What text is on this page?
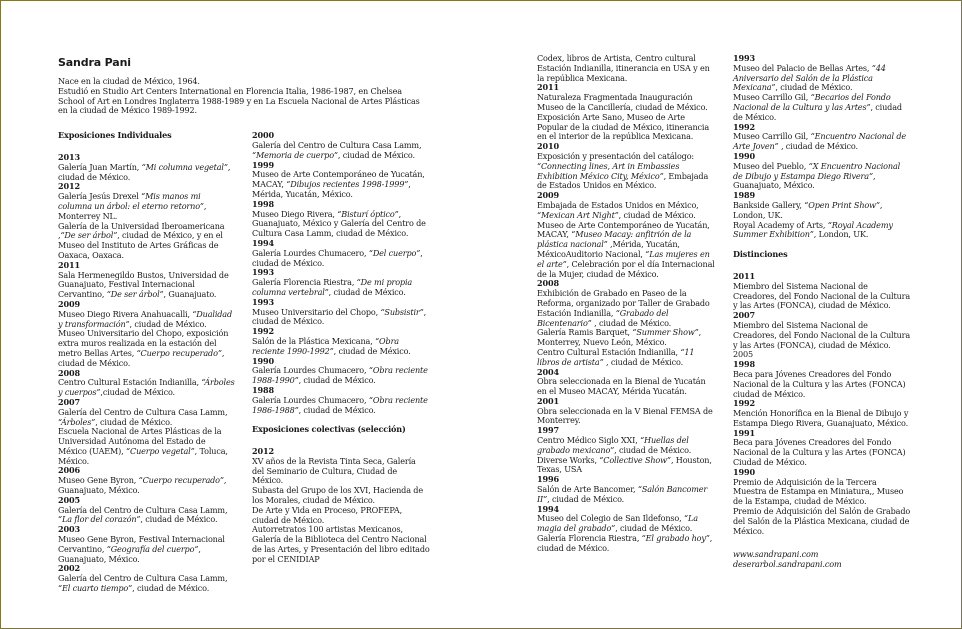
Sandra Pani
Nace en la ciudad de México, 1964.
Estudió en Studio Art Centers International en Florencia Italia, 1986-1987, en Chelsea School of Art en Londres Inglaterra 1988-1989 y en La Escuela Nacional de Artes Plásticas en la ciudad de México 1989-1992.
Exposiciones Individuales
2013
Galería Juan Martín, “Mi columna vegetal”, ciudad de México.
2012
Galería Jesús Drexel “Mis manos mi columna un árbol: el eterno retorno”, Monterrey NL.
Galería de la Universidad Iberoamericana ,“De ser árbol”, ciudad de México, y en el Museo del Instituto de Artes Gráficas de Oaxaca, Oaxaca.
2011
Sala Hermenegildo Bustos, Universidad de Guanajuato, Festival Internacional Cervantino, “De ser árbol”, Guanajuato.
2009
Museo Diego Rivera Anahuacalli, “Dualidad y transformación”, ciudad de México.
Museo Universitario del Chopo, exposición extra muros realizada en la estación del metro Bellas Artes, “Cuerpo recuperado”, ciudad de México.
2008
Centro Cultural Estación Indianilla, “Árboles y cuerpos”,ciudad de México.
2007
Galería del Centro de Cultura Casa Lamm, “Árboles”, ciudad de México.
Escuela Nacional de Artes Plásticas de la Universidad Autónoma del Estado de México (UAEM), “Cuerpo vegetal”, Toluca, México.
2006
Museo Gene Byron, “Cuerpo recuperado”, Guanajuato, México.
2005
Galería del Centro de Cultura Casa Lamm, “La flor del corazón”, ciudad de México.
2003
Museo Gene Byron, Festival Internacional Cervantino, “Geografía del cuerpo”, Guanajuato, México.
2002
Galería del Centro de Cultura Casa Lamm, “El cuarto tiempo”, ciudad de México.
2000
Galería del Centro de Cultura Casa Lamm, “Memoria de cuerpo”, ciudad de México.
1999
Museo de Arte Contemporáneo de Yucatán, MACAY, “Dibujos recientes 1998-1999”, Mérida, Yucatán, México.
1998
Museo Diego Rivera, “Bisturí óptico”, Guanajuato, México y Galería del Centro de Cultura Casa Lamm, ciudad de México.
1994
Galería Lourdes Chumacero, “Del cuerpo”, ciudad de México.
1993
Galería Florencia Riestra, “De mi propia columna vertebral”, ciudad de México.
1993
Museo Universitario del Chopo, “Subsistir”, ciudad de México.
1992
Salón de la Plástica Mexicana, “Obra reciente 1990-1992”, ciudad de México.
1990
Galería Lourdes Chumacero, “Obra reciente 1988-1990”, ciudad de México.
1988
Galería Lourdes Chumacero, “Obra reciente 1986-1988”, ciudad de México.
Exposiciones colectivas (selección)
2012
XV años de la Revista Tinta Seca, Galería del Seminario de Cultura, Ciudad de México.
Subasta del Grupo de los XVI, Hacienda de los Morales, ciudad de México.
De Arte y Vida en Proceso, PROFEPA, ciudad de México.
Autorretratos 100 artistas Mexicanos, Galería de la Biblioteca del Centro Nacional de las Artes, y Presentación del libro editado por el CENIDIAP
Codex, libros de Artista, Centro cultural Estación Indianilla, itinerancia en USA y en la república Mexicana.
2011
Naturaleza Fragmentada Inauguración Museo de la Cancillería, ciudad de México.
Exposición Arte Sano, Museo de Arte Popular de la ciudad de México, itinerancia en el interior de la república Mexicana.
2010
Exposición y presentación del catálogo: “Connecting lines, Art in Embassies Exhibition México City, México”, Embajada de Estados Unidos en México.
2009
Embajada de Estados Unidos en México, “Mexican Art Night”, ciudad de México.
Museo de Arte Contemporáneo de Yucatán, MACAY, “Museo Macay: anfitrión de la plástica nacional” ,Mérida, Yucatán, MéxicoAuditorio Nacional, “Las mujeres en el arte”, Celebración por el día Internacional de la Mujer, ciudad de México.
2008
Exhibición de Grabado en Paseo de la Reforma, organizado por Taller de Grabado Estación Indianilla, “Grabado del Bicentenario” , ciudad de México.
Galería Ramis Barquet, “Summer Show”, Monterrey, Nuevo León, México.
Centro Cultural Estación Indianilla, “11 libros de artista” , ciudad de México.
2004
Obra seleccionada en la Bienal de Yucatán en el Museo MACAY, Mérida Yucatán.
2001
Obra seleccionada en la V Bienal FEMSA de Monterrey.
1997
Centro Médico Siglo XXI, “Huellas del grabado mexicano”, ciudad de México.
Diverse Works, “Collective Show”, Houston, Texas, USA
1996
Salón de Arte Bancomer, “Salón Bancomer II”, ciudad de México.
1994
Museo del Colegio de San Ildefonso, “La magia del grabado”, ciudad de México.
Galería Florencia Riestra, “El grabado hoy”, ciudad de México.
1993
Museo del Palacio de Bellas Artes, “44 Aniversario del Salón de la Plástica Mexicana”, ciudad de México.
Museo Carrillo Gil, “Becarios del Fondo Nacional de la Cultura y las Artes”, ciudad de México.
1992
Museo Carrillo Gil, “Encuentro Nacional de Arte Joven” , ciudad de México.
1990
Museo del Pueblo, “X Encuentro Nacional de Dibujo y Estampa Diego Rivera”, Guanajuato, México.
1989
Bankside Gallery, “Open Print Show”, London, UK.
Royal Academy of Arts, “Royal Academy Summer Exhibition”, London, UK.
Distinciones
2011
Miembro del Sistema Nacional de Creadores, del Fondo Nacional de la Cultura y las Artes (FONCA), ciudad de México.
2007
Miembro del Sistema Nacional de Creadores, del Fondo Nacional de la Cultura y las Artes (FONCA), ciudad de México. 2005
1998
Beca para Jóvenes Creadores del Fondo Nacional de la Cultura y las Artes (FONCA) ciudad de México.
1992
Mención Honorífica en la Bienal de Dibujo y Estampa Diego Rivera, Guanajuato, México.
1991
Beca para Jóvenes Creadores del Fondo Nacional de la Cultura y las Artes (FONCA) Ciudad de México.
1990
Premio de Adquisición de la Tercera Muestra de Estampa en Miniatura,, Museo de la Estampa, ciudad de México.
Premio de Adquisición del Salón de Grabado del Salón de la Plástica Mexicana, ciudad de México.
www.sandrapani.com
deserarbol.sandrapani.com
